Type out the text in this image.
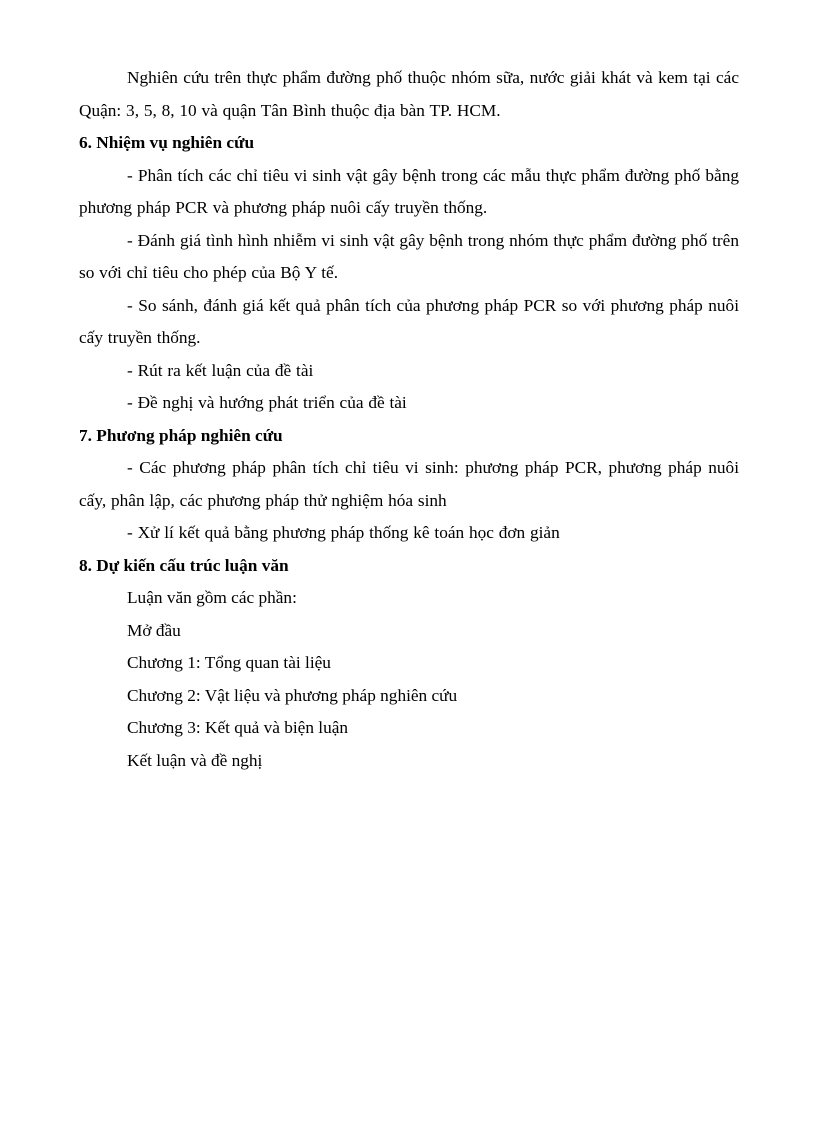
Nghiên cứu trên thực phẩm đường phố thuộc nhóm sữa, nước giải khát và kem tại các Quận: 3, 5, 8, 10 và quận Tân Bình thuộc địa bàn TP. HCM.

6. Nhiệm vụ nghiên cứu

- Phân tích các chỉ tiêu vi sinh vật gây bệnh trong các mẫu thực phẩm đường phố bằng phương pháp PCR và phương pháp nuôi cấy truyền thống.

- Đánh giá tình hình nhiễm vi sinh vật gây bệnh trong nhóm thực phẩm đường phố trên so với chỉ tiêu cho phép của Bộ Y tế.

- So sánh, đánh giá kết quả phân tích của phương pháp PCR so với phương pháp nuôi cấy truyền thống.

- Rút ra kết luận của đề tài

- Đề nghị và hướng phát triển của đề tài

7. Phương pháp nghiên cứu

- Các phương pháp phân tích chỉ tiêu vi sinh: phương pháp PCR, phương pháp nuôi cấy, phân lập, các phương pháp thử nghiệm hóa sinh

- Xử lí kết quả bằng phương pháp thống kê toán học đơn giản

8. Dự kiến cấu trúc luận văn

Luận văn gồm các phần:

Mở đầu

Chương 1: Tổng quan tài liệu

Chương 2: Vật liệu và phương pháp nghiên cứu

Chương 3: Kết quả và biện luận

Kết luận và đề nghị
